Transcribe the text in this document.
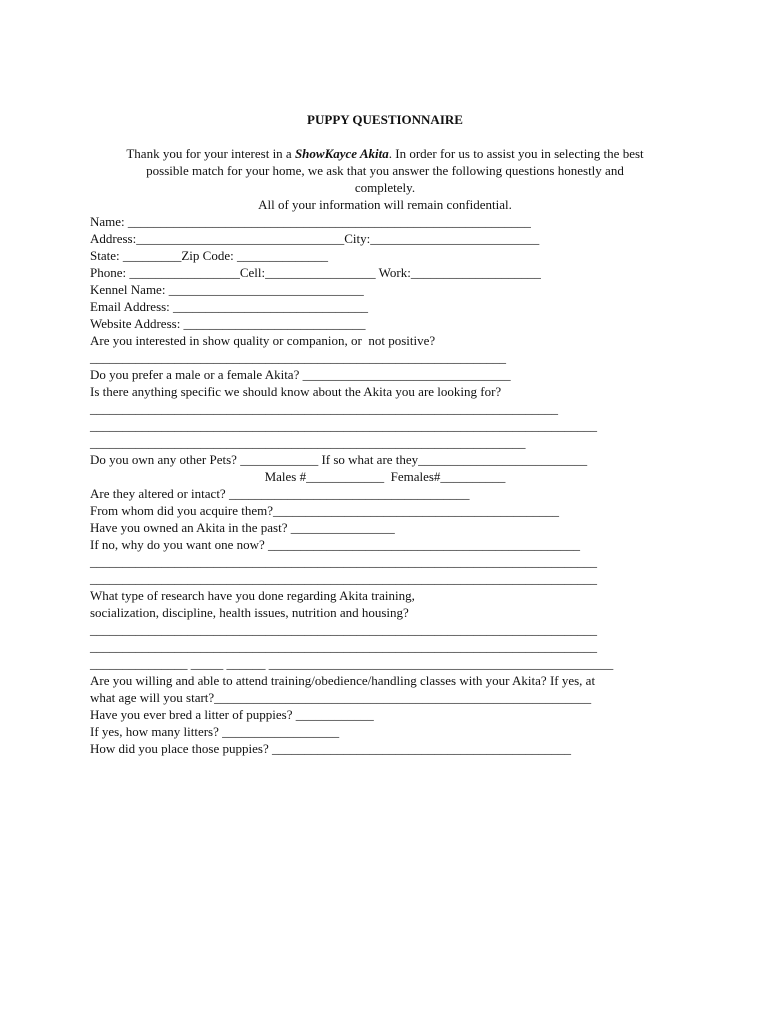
PUPPY QUESTIONNAIRE
Thank you for your interest in a ShowKayce Akita. In order for us to assist you in selecting the best
possible match for your home, we ask that you answer the following questions honestly and
completely.
All of your information will remain confidential.
Name: ______________________________________________________________
Address:________________________________City:__________________________
State: _________Zip Code: ______________
Phone: _________________Cell:_________________ Work:____________________
Kennel Name: ______________________________
Email Address: ______________________________
Website Address: ____________________________
Are you interested in show quality or companion, or  not positive?
________________________________________________________________
Do you prefer a male or a female Akita? ________________________________
Is there anything specific we should know about the Akita you are looking for?
________________________________________________________________________
______________________________________________________________________________
___________________________________________________________________
Do you own any other Pets? ____________ If so what are they__________________________
Males #____________  Females#__________
Are they altered or intact? _____________________________________
From whom did you acquire them?____________________________________________
Have you owned an Akita in the past? ________________
If no, why do you want one now? ________________________________________________
______________________________________________________________________________
______________________________________________________________________________
What type of research have you done regarding Akita training,
socialization, discipline, health issues, nutrition and housing?
______________________________________________________________________________
______________________________________________________________________________
_______________ _____ ______ _____________________________________________________
Are you willing and able to attend training/obedience/handling classes with your Akita? If yes, at
what age will you start?__________________________________________________________
Have you ever bred a litter of puppies? ____________
If yes, how many litters? __________________
How did you place those puppies? ______________________________________________
